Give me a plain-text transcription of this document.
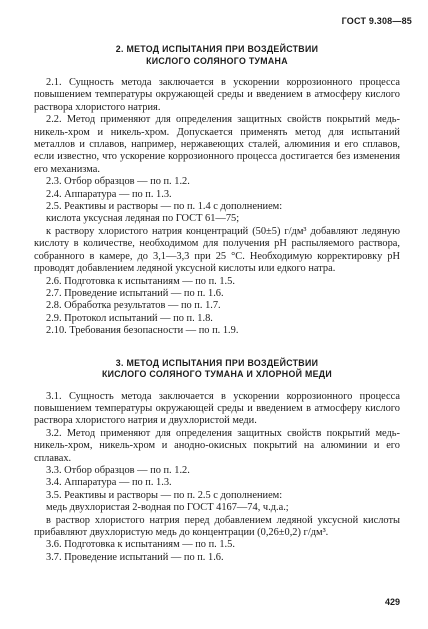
ГОСТ 9.308—85
2. МЕТОД ИСПЫТАНИЯ ПРИ ВОЗДЕЙСТВИИ
КИСЛОГО СОЛЯНОГО ТУМАНА

2.1. Сущность метода заключается в ускорении коррозионного процесса повышением температуры окружающей среды и введением в атмосферу кислого раствора хлористого натрия.

2.2. Метод применяют для определения защитных свойств покрытий медь-никель-хром и никель-хром. Допускается применять метод для испытаний металлов и сплавов, например, нержавеющих сталей, алюминия и его сплавов, если известно, что ускорение коррозионного процесса достигается без изменения его механизма.

2.3. Отбор образцов — по п. 1.2.

2.4. Аппаратура — по п. 1.3.

2.5. Реактивы и растворы — по п. 1.4 с дополнением:

кислота уксусная ледяная по ГОСТ 61—75;

к раствору хлористого натрия концентраций (50±5) г/дм³ добавляют ледяную кислоту в количестве, необходимом для получения pH распыляемого раствора, собранного в камере, до 3,1—3,3 при 25 °С. Необходимую корректировку pH проводят добавлением ледяной уксусной кислоты или едкого натра.

2.6. Подготовка к испытаниям — по п. 1.5.

2.7. Проведение испытаний — по п. 1.6.

2.8. Обработка результатов — по п. 1.7.

2.9. Протокол испытаний — по п. 1.8.

2.10. Требования безопасности — по п. 1.9.

3. МЕТОД ИСПЫТАНИЯ ПРИ ВОЗДЕЙСТВИИ
КИСЛОГО СОЛЯНОГО ТУМАНА И ХЛОРНОЙ МЕДИ

3.1. Сущность метода заключается в ускорении коррозионного процесса повышением температуры окружающей среды и введением в атмосферу кислого раствора хлористого натрия и двухлористой меди.

3.2. Метод применяют для определения защитных свойств покрытий медь-никель-хром, никель-хром и анодно-окисных покрытий на алюминии и его сплавах.

3.3. Отбор образцов — по п. 1.2.

3.4. Аппаратура — по п. 1.3.

3.5. Реактивы и растворы — по п. 2.5 с дополнением:

медь двухлористая 2-водная по ГОСТ 4167—74, ч.д.а.;

в раствор хлористого натрия перед добавлением ледяной уксусной кислоты прибавляют двухлористую медь до концентрации (0,26±0,2) г/дм³.

3.6. Подготовка к испытаниям — по п. 1.5.

3.7. Проведение испытаний — по п. 1.6.

429
